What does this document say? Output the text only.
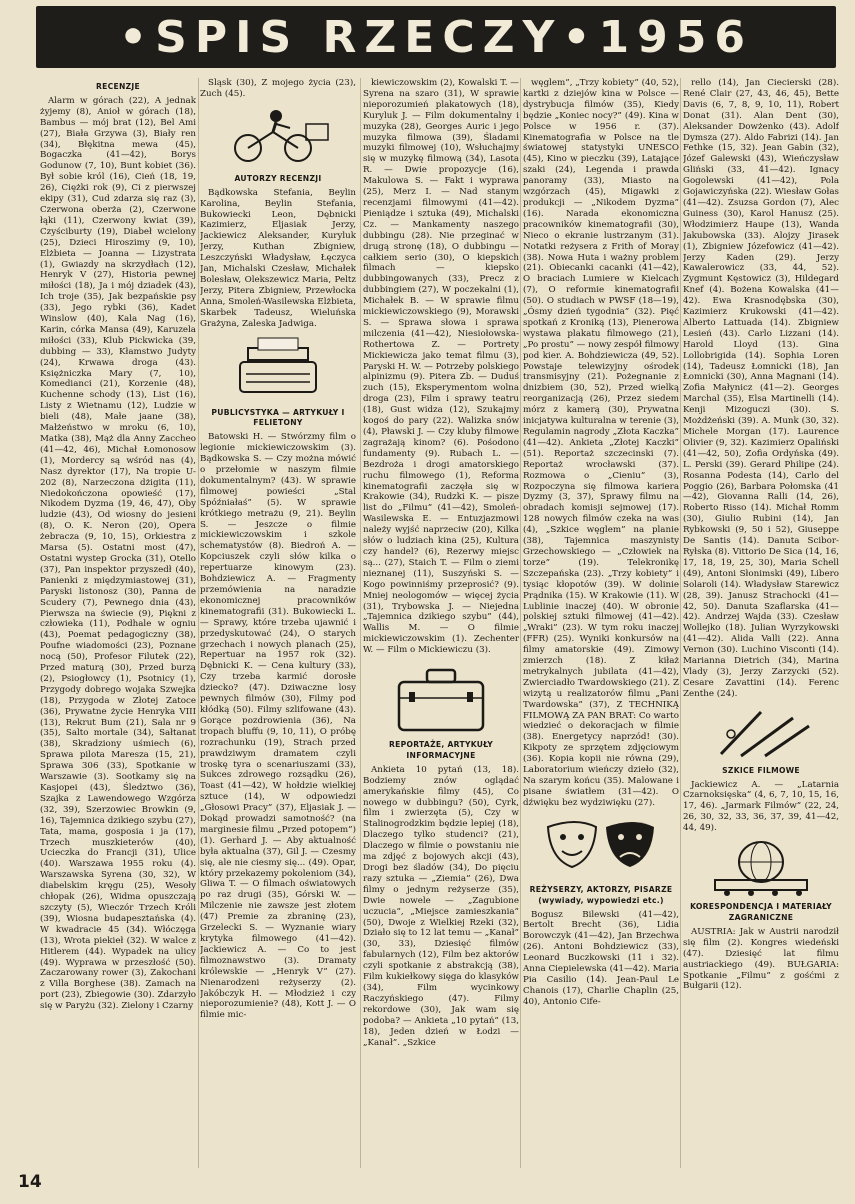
•SPIS RZECZY•1956
RECENZJE

Alarm w górach (22), A jednak żyjemy (8), Anioł w górach (18), Bambus — mój brat (12), Bel Ami (27), Biała Grzywa (3), Biały ren (34), Błękitna mewa (45), Bogaczka (41—42), Borys Godunow (7, 10), Bunt kobiet (36). Był sobie król (16), Cień (18, 19, 26), Ciężki rok (9), Ci z pierwszej ekipy (31), Cud zdarza się raz (3), Czerwona oberża (2), Czerwone łąki (11), Czerwony kwiat (39), Czyściburty (19), Diabeł wcielony (25), Dzieci Hiroszimy (9, 10), Elżbieta — Joanna — Lizystrata (1), Gwiazdy na skrzydłach (12), Henryk V (27), Historia pewnej miłości (18), Ja i mój dziadek (43), Ich troje (35), Jak bezpańskie psy (33), Jego rybki (36), Kadet Winslow (40), Kala Nag (16), Karin, córka Mansa (49), Karuzela miłości (33), Klub Pickwicka (39, dubbing — 33), Kłamstwo Judyty (24), Krwawa droga (43). Księżniczka Mary (7, 10), Komedianci (21), Korzenie (48), Kuchenne schody (13), List (16), Listy z Wietnamu (12), Ludzie w bieli (48), Małe jaane (38), Małżeństwo w mroku (6, 10), Matka (38), Mąż dla Anny Zaccheo (41—42, 46), Michał Łomonosow (1), Mordercy są wśród nas (4), Nasz dyrektor (17), Na tropie U-202 (8), Narzeczona dżigita (11), Niedokończona opowieść (17), Nikodem Dyzma (19, 46, 47), Oby ludzie (43), Od wiosny do jesieni (8), O. K. Neron (20), Opera żebracza (9, 10, 15), Orkiestra z Marsa (5). Ostatni most (47), Ostatni wystep Grocka (31), Otello (37), Pan inspektor przyszedł (40), Panienki z międzymiastowej (31), Paryski listonosz (30), Panna de Scudery (7), Pewnego dnia (43), Pierwsza na świecie (9), Piękni z człowieka (11), Podhale w ogniu (43), Poemat pedagogiczny (38), Poufne wiadomości (23), Poznane nocą (50), Profesor Filutek (22), Przed maturą (30), Przed burzą (2), Psiogłowcy (1), Psotnicy (1), Przygody dobrego wojaka Szwejka (18), Przygoda w Złotej Zatoce (36), Prywatne życie Henryka VIII (13), Rekrut Bum (21), Sala nr 9 (35), Salto mortale (34), Sałtanat (38), Skradziony uśmiech (6), Sprawa pilota Maresza (15, 21), Sprawa 306 (33), Spotkanie w Warszawie (3). Sootkamy się na Kasjopei (43), Śledztwo (36), Szajka z Lawendowego Wzgórza (32, 39), Szerzowiec Browkin (9, 16), Tajemnica dzikiego szybu (27), Tata, mama, gosposia i ja (17), Trzech muszkieterów (40), Ucieczka do Francji (31), Ulice (40). Warszawa 1955 roku (4). Warszawska Syrena (30, 32), W diabelskim kręgu (25), Wesoły chłopak (26), Widma opuszczają szczyty (5), Wieczór Trzech Króli (39), Wiosna budapesztańska (4). W kwadracie 45 (34). Włóczęga (13), Wrota piekieł (32). W walce z Hitlerem (44). Wypadek na ulicy (49). Wyprawa w przeszłość (50). Zaczarowany rower (3), Zakochani z Villa Borghese (38). Zamach na port (23), Zbiegowie (30). Zdarzyło się w Paryżu (32). Zielony i Czarny

Śląsk (30), Z mojego życia (23), Zuch (45).

AUTORZY RECENZJI

Bądkowska Stefania, Beylin Karolina, Beylin Stefania, Bukowiecki Leon, Dębnicki Kazimierz, Eljasiak Jerzy, Jackiewicz Aleksander, Kuryluk Jerzy, Kuthan Zbigniew, Leszczyński Władysław, Łęczyca Jan, Michalski Czesław, Michałek Bolesław, Olekszewicz Maria, Peltz Jerzy, Pitera Zbigniew, Przewłocka Anna, Smoleń-Wasilewska Elżbieta, Skarbek Tadeusz, Wieluńska Grażyna, Zaleska Jadwiga.

PUBLICYSTYKA — ARTYKUŁY I FELIETONY

Batowski H. — Stwórzmy film o legionie mickiewiczowskim (3). Bądkowska S. — Czy można mówić o przełomie w naszym filmie dokumentalnym? (43). W sprawie filmowej powieści „Stal Spóźniałaś” (5). W sprawie krótkiego metrażu (9, 21). Beylin S. — Jeszcze o filmie mickiewiczowskim i szkole schematystów (8). Biedroń A. — Kopciuszek czyli słów kilka o repertuarze kinowym (23). Bohdziewicz A. — Fragmenty przemówienia na naradzie ekonomicznej pracowników kinematografii (31). Bukowiecki L. — Sprawy, które trzeba ujawnić i przedyskutować (24), O starych grzechach i nowych planach (25), Repertuar na 1957 rok (32). Dębnicki K. — Cena kultury (33), Czy trzeba karmić dorosłe dziecko? (47). Dziwaczne losy pewnych filmów (30), Filmy pod kłódką (50). Filmy szlifowane (43). Gorące pozdrowienia (36), Na tropach bluffu (9, 10, 11), O próbę rozrachunku (19), Strach przed prawdziwym dramatem czyli troskę tyra o scenariuszami (33), Sukces zdrowego rozsądku (26), Toast (41—42), W hołdzie wielkiej sztuce (14), W odpowiedzi „Głosowi Pracy” (37), Eljasiak J. — Dokąd prowadzi samotność? (na marginesie filmu „Przed potopem”) (1). Gerhard J. — Aby aktualność była aktualna (37), Gil J. — Czesmy się, ale nie ciesmy się... (49). Opar, który przekazemy pokoleniom (34), Gliwa T. — O filmach oświatowych po raz drugi (35), Górski W. — Milczenie nie zawsze jest złotem (47) Premie za zbraninę (23), Grzelecki S. — Wyznanie wiary krytyka filmowego (41—42). Jackiewicz A. — Co to jest filmoznawstwo (3). Dramaty królewskie — „Henryk V” (27). Nienarodzeni reżyserzy (2). Jakóbczyk H. — Młodzież i czy nieporozumienie? (48), Kott J. — O filmie mic-

kiewiczowskim (2), Kowalski T. — Syrena na szaro (31), W sprawie nieporozumień plakatowych (18), Kuryluk J. — Film dokumentalny i muzyka (28), Georges Auric i jego muzyka filmowa (39), Śladami muzyki filmowej (10), Wsłuchajmy się w muzykę filmową (34), Lasota R. — Dwie propozycje (16), Makulowa S. — Fakt i wyprawa (25), Merz I. — Nad stanym recenzjami filmowymi (41—42). Pieniądze i sztuka (49), Michalski Cz. — Mankamenty naszego dubbingu (28). Nie przeginać w drugą stronę (18), O dubbingu — całkiem serio (30), O kiepskich filmach — kiepsko dubbingowanych (33), Precz z dubbingiem (27), W poczekalni (1), Michałek B. — W sprawie filmu mickiewiczowskiego (9), Morawski S. — Sprawa słowa i sprawa milczenia (41—42), Niesiołowska-Rothertowa Z. — Portrety Mickiewicza jako temat filmu (3), Paryski H. W. — Potrzeby polskiego alpinizmu (9). Pitera Zb. — Duduś zuch (15), Eksperymentom wolna droga (23), Film i sprawy teatru (18), Gust widza (12), Szukajmy kogoś do pary (22). Walizka snów (4), Pławski J. — Czy kluby filmowe zagrażają kinom? (6). Pośodono fundamenty (9). Rubach L. — Bezdroża i drogi amatorskiego ruchu filmowego (1), Reforma kinematografii zaczęła się w Krakowie (34), Rudzki K. — pisze list do „Filmu” (41—42), Smoleń-Wasilewska E. — Entuzjazmowi należy wyjść naprzeciw (20), Kilka słów o ludziach kina (25), Kultura czy handel? (6), Rezerwy miejsc są... (27), Staich T. — Film o ziemi nieznanej (11), Suszyński S. — Kogo powinniśmy przeprosić? (9). Mniej neologomów — więcej życia (31), Trybowska J. — Niejedna „Tajemnica dzikiego szybu” (44), Wallis M. — O filmie mickiewiczowskim (1). Zechenter W. — Film o Mickiewiczu (3).

REPORTAŻE, ARTYKUŁY INFORMACYJNE

Ankieta 10 pytań (13, 18). Bodziemy znów oglądać amerykańskie filmy (45), Co nowego w dubbingu? (50), Cyrk, film i zwierzęta (5), Czy w Stalinogrodzkim będzie lepiej (18), Dlaczego tylko studenci? (21), Dlaczego w filmie o powstaniu nie ma zdjęć z bojowych akcji (43), Drogi bez śladów (34), Do pięciu razy sztuka — „Ziemia” (26), Dwa filmy o jednym reżyserze (35), Dwie nowele — „Zagubione uczucia”, „Miejsce zamieszkania” (50), Dwoje z Wielkiej Rzeki (32), Działo się to 12 lat temu — „Kanał” (30, 33), Dziesięć filmów fabularnych (12), Film bez aktorów czyli spotkanie z abstrakcją (38), Film kukiełkowy sięga do klasyków (34), Film wycinkowy Raczyńskiego (47). Filmy rekordowe (30), Jak wam się podoba? — Ankieta „10 pytań” (13, 18), Jeden dzień w Łodzi — „Kanał”. „Szkice

węglem”, „Trzy kobiety” (40, 52), kartki z dziejów kina w Polsce — dystrybucja filmów (35), Kiedy będzie „Koniec nocy?” (49). Kina w Polsce w 1956 r. (37). Kinematografia w Polsce na tle światowej statystyki UNESCO (45), Kino w pieczku (39), Latające szaki (24), Legenda i prawda panoramy (33), Miasto na wzgórzach (45), Migawki z produkcji — „Nikodem Dyzma” (16). Narada ekonomiczna pracowników kinematografii (30), Nieco o ekranie lustrzanym (31). Notatki reżysera z Frith of Moray (38). Nowa Huta i ważny problem (21). Obiecanki cacanki (41—42), O braciach Lumiere w Kielcach (7), O reformie kinematografii (50). O studiach w PWSF (18—19), „Ósmy dzień tygodnia” (32). Pięć spotkań z Kroniką (13), Pienerowa wystawa plakatu filmowego (21), „Po prostu” — nowy zespół filmowy pod kier. A. Bohdziewicza (49, 52). Powstaje telewizyjny ośrodek transmisyjny (21). Pożegnanie z dnizbiem (30, 52), Przed wielką reorganizacją (26), Przez siedem mórz z kamerą (30), Prywatna inicjatywa kulturalna w terenie (3), Regulamin nagrody „Złota Kaczka” (41—42). Ankieta „Złotej Kaczki” (51). Reportaż szczecinski (7). Reportaż wrocławski (37). Rozmowa o „Cieniu” (3), Rozpoczyna się filmowa kariera Dyzmy (3, 37), Sprawy filmu na obradach komisji sejmowej (17). 128 nowych filmów czeka na was (4), „Szkice węglem” na planie (38), Tajemnica maszynisty Grzechowskiego — „Człowiek na torze” (19). Telekronikę Szczepańska (23). „Trzy kobiety” i tysiąc kłopotów (39). W dolinie Prądnika (15). W Krakowie (11). W Lublinie inaczej (40). W obronie polskiej sztuki filmowej (41—42). „Wraki” (23). W tym roku inaczej (FFR) (25). Wyniki konkursów na filmy amatorskie (49). Zimowy zmierzch (18). Z kiłaż metrykalnych jubilata (41—42), Zwierciadło Twardowskiego (21). Z wizytą u realizatorów filmu „Pani Twardowska” (37), Z TECHNIKĄ FILMOWĄ ZA PAN BRAT: Co warto wiedzieć o dekoracjach w filmie (38). Energetycy naprzód! (30). Kikpoty ze sprzętem zdjęciowym (36). Kopia kopii nie równa (29), Laboratorium wieńczy dzieło (32), Na szarym końcu (35). Malowane i pisane światłem (31—42). O dźwięku bez wydziwięku (27).

REŻYSERZY, AKTORZY, PISARZE (wywiady, wypowiedzi etc.)

Bogusz Bilewski (41—42), Bertolt Brecht (36), Lidia Borowczyk (41—42), Jan Brzechwa (26). Antoni Bohdziewicz (33), Leonard Buczkowski (11 i 32). Anna Ciepielewska (41—42). Maria Pia Casilio (14). Jean-Paul Le Chanois (17), Charlie Chaplin (25, 40), Antonio Cife-

rello (14), Jan Ciecierski (28). René Clair (27, 43, 46, 45), Bette Davis (6, 7, 8, 9, 10, 11), Robert Donat (31). Alan Dent (30), Aleksander Dowżenko (43). Adolf Dymsza (27). Aldo Fabrizi (14). Jan Fethke (15, 32). Jean Gabin (32), Józef Galewski (43), Wieńczysław Gliński (33, 41—42). Ignacy Gogolewski (41—42), Pola Gojawiczyńska (22). Wiesław Gołas (41—42). Zsuzsa Gordon (7), Alec Guiness (30), Karol Hanusz (25). Włodzimierz Haupe (13), Wanda Jakubowska (33). Alojzy Jirasek (1), Zbigniew Józefowicz (41—42). Jerzy Kaden (29). Jerzy Kawalerowicz (33, 44, 52). Zygmunt Kęstowicz (3), Hildegard Knef (4). Bożena Kowalska (41—42). Ewa Krasnodębska (30), Kazimierz Krukowski (41—42). Alberto Lattuada (14). Zbigniew Lesień (43). Carlo Lizzani (14). Harold Lloyd (13). Gina Lollobrigida (14). Sophia Loren (14), Tadeusz Łomnicki (18), Jan Łomnicki (30), Anna Magnani (14). Zofia Małynicz (41—2). Georges Marchal (35), Elsa Martinelli (14). Kenji Mizoguczi (30). S. Możdżeński (39). A. Munk (30, 32). Michele Morgan (17). Laurence Olivier (9, 32). Kazimierz Opaliński (41—42, 50), Zofia Ordyńska (49). L. Perski (39). Gerard Philipe (24). Rosanna Podesta (14), Carlo del Poggio (26), Barbara Połomska (41—42), Giovanna Ralli (14, 26), Roberto Risso (14). Michał Romm (30), Giulio Rubini (14), Jan Rybkowski (9, 50 i 52), Giuseppe De Santis (14). Danuta Scibor-Ryłska (8). Vittorio De Sica (14, 16, 17, 18, 19, 25, 30), Maria Schell (49), Antoni Słonimski (49), Libero Solaroli (14). Władysław Starewicz (28, 39). Janusz Strachocki (41—42, 50). Danuta Szaflarska (41—42). Andrzej Wajda (33). Czesław Wollejko (18). Julian Wyrzykowski (41—42). Alida Valli (22). Anna Vernon (30). Luchino Visconti (14). Marianna Dietrich (34), Marina Vlady (3), Jerzy Zarzycki (52). Cesare Zavattini (14). Ferenc Zenthe (24).

SZKICE FILMOWE

Jackiewicz A. — „Latarnia Czarnoksięska” (4, 6, 7, 10, 15, 16, 17, 46). „Jarmark Filmów” (22, 24, 26, 30, 32, 33, 36, 37, 39, 41—42, 44, 49).

KORESPONDENCJA I MATERIAŁY ZAGRANICZNE

AUSTRIA: Jak w Austrii narodził się film (2). Kongres wiedeński (47). Dziesięć lat filmu austriackiego (49). BUŁGARIA: Spotkanie „Filmu” z gośćmi z Bułgarii (12).

14
